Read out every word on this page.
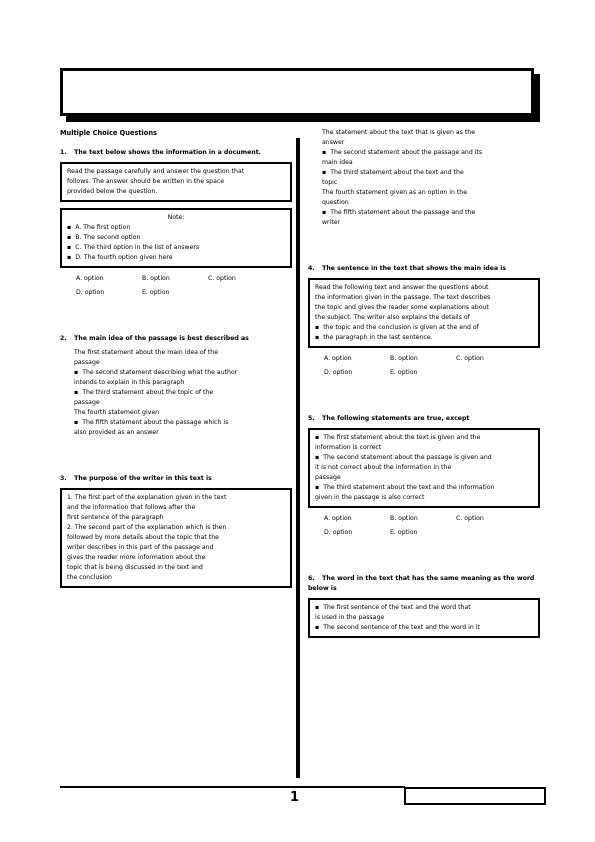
Multiple Choice Questions
1. The text below shows the information in a document.
Read the passage carefully and answer the question that
follows. The answer should be written in the space
provided below the question.
Note:
▪ A. The first option
▪ B. The second option
▪ C. The third option in the list of answers
▪ D. The fourth option given here
A. option	B. option	C. option
D. option	E. option
2. The main idea of the passage is best described as
The first statement about the main idea of the
passage
▪ The second statement describing what the author
intends to explain in this paragraph
▪ The third statement about the topic of the
passage
The fourth statement given
▪ The fifth statement about the passage which is
also provided as an answer
3. The purpose of the writer in this text is
1. The first part of the explanation given in the text
and the information that follows after the
first sentence of the paragraph
2. The second part of the explanation which is then
followed by more details about the topic that the
writer describes in this part of the passage and
gives the reader more information about the
topic that is being discussed in the text and
the conclusion
The statement about the text that is given as the
answer
▪ The second statement about the passage and its
main idea
▪ The third statement about the text and the
topic
The fourth statement given as an option in the
question
▪ The fifth statement about the passage and the
writer
4. The sentence in the text that shows the main idea is
Read the following text and answer the questions about
the information given in the passage. The text describes
the topic and gives the reader some explanations about
the subject. The writer also explains the details of
▪ the topic and the conclusion is given at the end of
▪ the paragraph in the last sentence.
A. option	B. option	C. option
D. option	E. option
5. The following statements are true, except
▪ The first statement about the text is given and the
information is correct
▪ The second statement about the passage is given and
it is not correct about the information in the
passage
▪ The third statement about the text and the information
given in the passage is also correct
A. option	B. option	C. option
D. option	E. option
6. The word in the text that has the same meaning as the word below is
▪ The first sentence of the text and the word that
is used in the passage
▪ The second sentence of the text and the word in it
1
